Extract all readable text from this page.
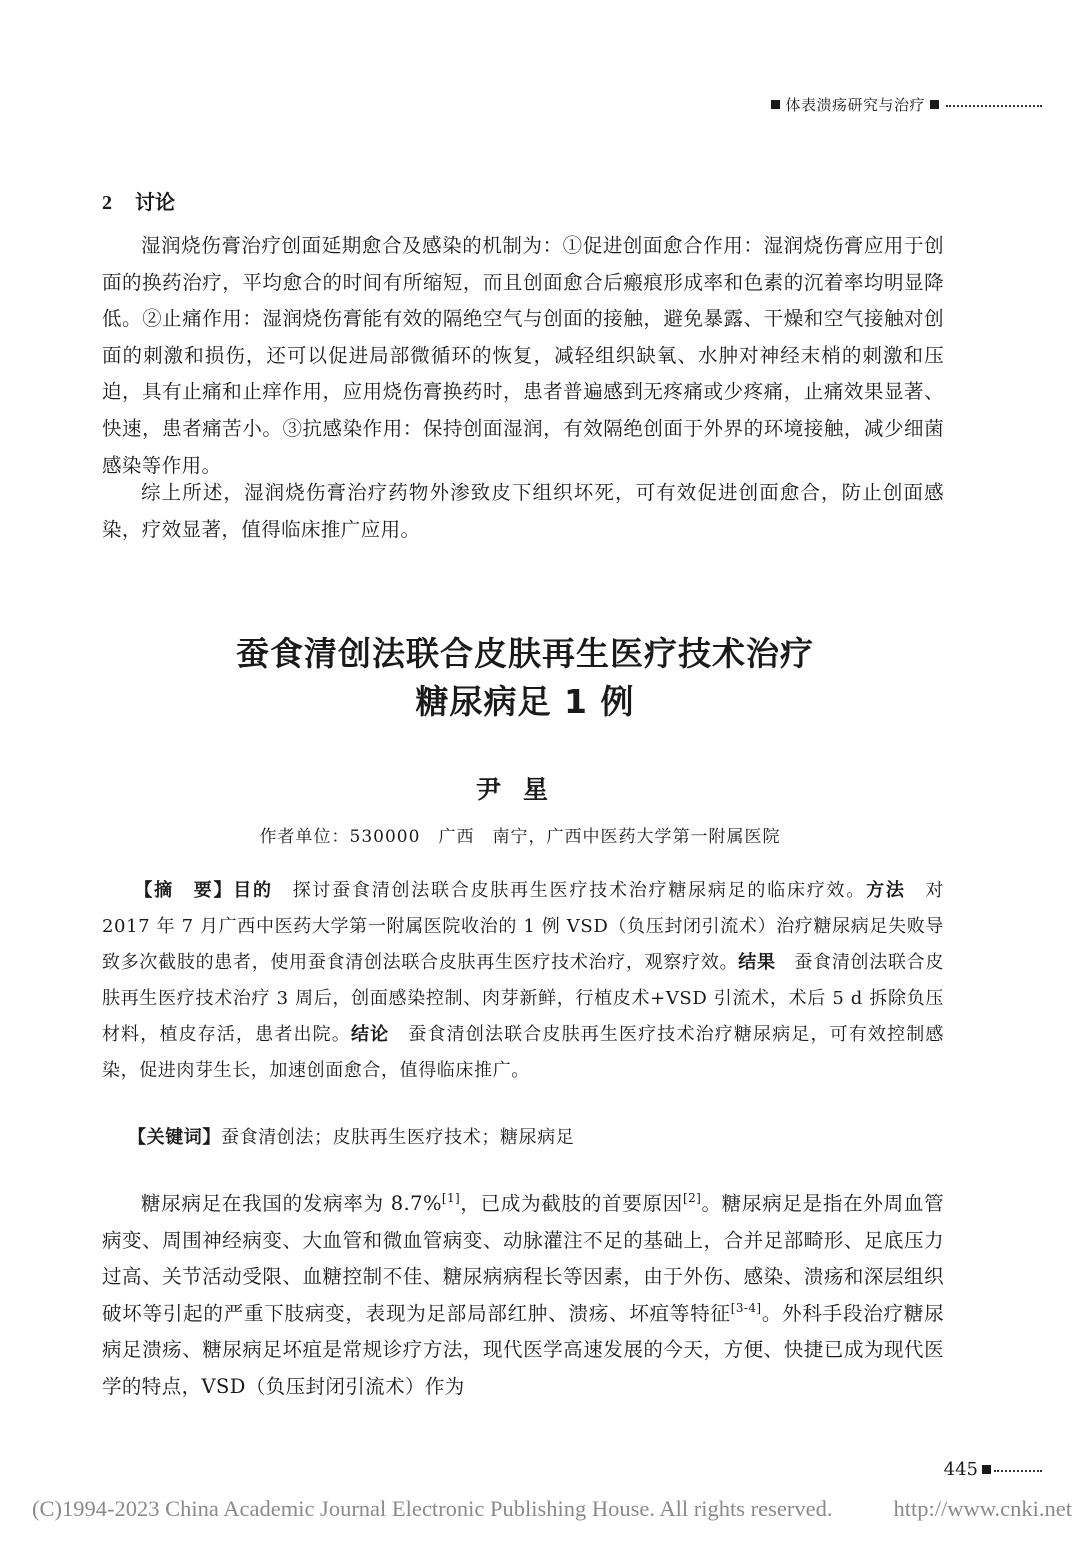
体表溃疡研究与治疗
2 讨论

湿润烧伤膏治疗创面延期愈合及感染的机制为：①促进创面愈合作用：湿润烧伤膏应用于创面的换药治疗，平均愈合的时间有所缩短，而且创面愈合后瘢痕形成率和色素的沉着率均明显降低。②止痛作用：湿润烧伤膏能有效的隔绝空气与创面的接触，避免暴露、干燥和空气接触对创面的刺激和损伤，还可以促进局部微循环的恢复，减轻组织缺氧、水肿对神经末梢的刺激和压迫，具有止痛和止痒作用，应用烧伤膏换药时，患者普遍感到无疼痛或少疼痛，止痛效果显著、快速，患者痛苦小。③抗感染作用：保持创面湿润，有效隔绝创面于外界的环境接触，减少细菌感染等作用。

综上所述，湿润烧伤膏治疗药物外渗致皮下组织坏死，可有效促进创面愈合，防止创面感染，疗效显著，值得临床推广应用。

蚕食清创法联合皮肤再生医疗技术治疗
糖尿病足 1 例
尹星
作者单位：530000　广西　南宁，广西中医药大学第一附属医院

【摘　要】目的　探讨蚕食清创法联合皮肤再生医疗技术治疗糖尿病足的临床疗效。方法　对 2017 年 7 月广西中医药大学第一附属医院收治的 1 例 VSD（负压封闭引流术）治疗糖尿病足失败导致多次截肢的患者，使用蚕食清创法联合皮肤再生医疗技术治疗，观察疗效。结果　蚕食清创法联合皮肤再生医疗技术治疗 3 周后，创面感染控制、肉芽新鲜，行植皮术+VSD 引流术，术后 5 d 拆除负压材料，植皮存活，患者出院。结论　蚕食清创法联合皮肤再生医疗技术治疗糖尿病足，可有效控制感染，促进肉芽生长，加速创面愈合，值得临床推广。

【关键词】蚕食清创法；皮肤再生医疗技术；糖尿病足

糖尿病足在我国的发病率为 8.7%[1]，已成为截肢的首要原因[2]。糖尿病足是指在外周血管病变、周围神经病变、大血管和微血管病变、动脉灌注不足的基础上，合并足部畸形、足底压力过高、关节活动受限、血糖控制不佳、糖尿病病程长等因素，由于外伤、感染、溃疡和深层组织破坏等引起的严重下肢病变，表现为足部局部红肿、溃疡、坏疽等特征[3-4]。外科手段治疗糖尿病足溃疡、糖尿病足坏疽是常规诊疗方法，现代医学高速发展的今天，方便、快捷已成为现代医学的特点，VSD（负压封闭引流术）作为

445
(C)1994-2023 China Academic Journal Electronic Publishing House. All rights reserved.	http://www.cnki.net
